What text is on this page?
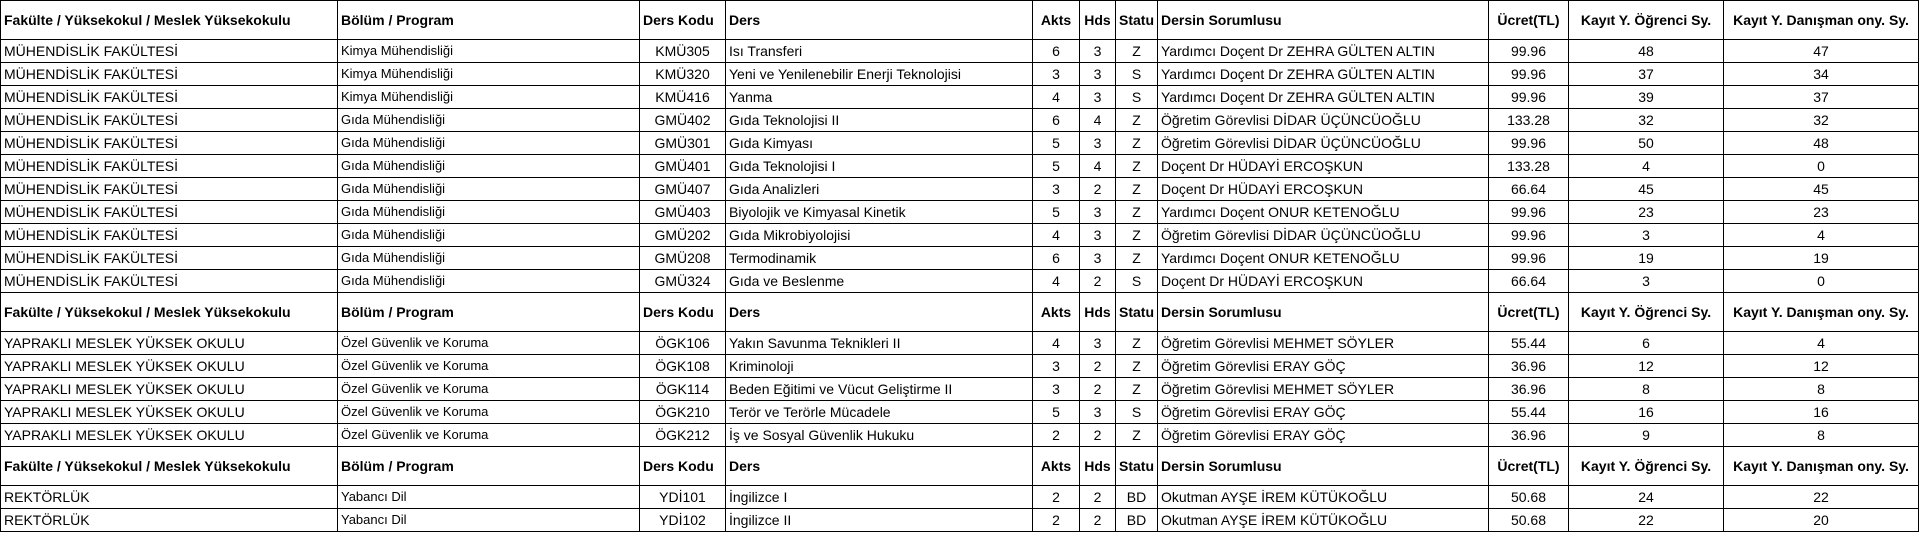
Fakülte / Yüksekokul / Meslek Yüksekokulu	Bölüm / Program	Ders Kodu	Ders	Akts	Hds	Statu	Dersin Sorumlusu	Ücret(TL)	Kayıt Y. Öğrenci Sy.	Kayıt Y. Danışman ony. Sy.
MÜHENDİSLİK FAKÜLTESİ	Kimya Mühendisliği	KMÜ305	Isı Transferi	6	3	Z	Yardımcı Doçent Dr ZEHRA GÜLTEN ALTIN	99.96	48	47
MÜHENDİSLİK FAKÜLTESİ	Kimya Mühendisliği	KMÜ320	Yeni ve Yenilenebilir Enerji Teknolojisi	3	3	S	Yardımcı Doçent Dr ZEHRA GÜLTEN ALTIN	99.96	37	34
MÜHENDİSLİK FAKÜLTESİ	Kimya Mühendisliği	KMÜ416	Yanma	4	3	S	Yardımcı Doçent Dr ZEHRA GÜLTEN ALTIN	99.96	39	37
MÜHENDİSLİK FAKÜLTESİ	Gıda Mühendisliği	GMÜ402	Gıda Teknolojisi II	6	4	Z	Öğretim Görevlisi DİDAR ÜÇÜNCÜOĞLU	133.28	32	32
MÜHENDİSLİK FAKÜLTESİ	Gıda Mühendisliği	GMÜ301	Gıda Kimyası	5	3	Z	Öğretim Görevlisi DİDAR ÜÇÜNCÜOĞLU	99.96	50	48
MÜHENDİSLİK FAKÜLTESİ	Gıda Mühendisliği	GMÜ401	Gıda Teknolojisi I	5	4	Z	Doçent Dr HÜDAYİ ERCOŞKUN	133.28	4	0
MÜHENDİSLİK FAKÜLTESİ	Gıda Mühendisliği	GMÜ407	Gıda Analizleri	3	2	Z	Doçent Dr HÜDAYİ ERCOŞKUN	66.64	45	45
MÜHENDİSLİK FAKÜLTESİ	Gıda Mühendisliği	GMÜ403	Biyolojik ve Kimyasal Kinetik	5	3	Z	Yardımcı Doçent ONUR KETENOĞLU	99.96	23	23
MÜHENDİSLİK FAKÜLTESİ	Gıda Mühendisliği	GMÜ202	Gıda Mikrobiyolojisi	4	3	Z	Öğretim Görevlisi DİDAR ÜÇÜNCÜOĞLU	99.96	3	4
MÜHENDİSLİK FAKÜLTESİ	Gıda Mühendisliği	GMÜ208	Termodinamik	6	3	Z	Yardımcı Doçent ONUR KETENOĞLU	99.96	19	19
MÜHENDİSLİK FAKÜLTESİ	Gıda Mühendisliği	GMÜ324	Gıda ve Beslenme	4	2	S	Doçent Dr HÜDAYİ ERCOŞKUN	66.64	3	0
Fakülte / Yüksekokul / Meslek Yüksekokulu	Bölüm / Program	Ders Kodu	Ders	Akts	Hds	Statu	Dersin Sorumlusu	Ücret(TL)	Kayıt Y. Öğrenci Sy.	Kayıt Y. Danışman ony. Sy.
YAPRAKLI MESLEK YÜKSEK OKULU	Özel Güvenlik ve Koruma	ÖGK106	Yakın Savunma Teknikleri II	4	3	Z	Öğretim Görevlisi MEHMET SÖYLER	55.44	6	4
YAPRAKLI MESLEK YÜKSEK OKULU	Özel Güvenlik ve Koruma	ÖGK108	Kriminoloji	3	2	Z	Öğretim Görevlisi ERAY GÖÇ	36.96	12	12
YAPRAKLI MESLEK YÜKSEK OKULU	Özel Güvenlik ve Koruma	ÖGK114	Beden Eğitimi ve Vücut Geliştirme II	3	2	Z	Öğretim Görevlisi MEHMET SÖYLER	36.96	8	8
YAPRAKLI MESLEK YÜKSEK OKULU	Özel Güvenlik ve Koruma	ÖGK210	Terör ve Terörle Mücadele	5	3	S	Öğretim Görevlisi ERAY GÖÇ	55.44	16	16
YAPRAKLI MESLEK YÜKSEK OKULU	Özel Güvenlik ve Koruma	ÖGK212	İş ve Sosyal Güvenlik Hukuku	2	2	Z	Öğretim Görevlisi ERAY GÖÇ	36.96	9	8
Fakülte / Yüksekokul / Meslek Yüksekokulu	Bölüm / Program	Ders Kodu	Ders	Akts	Hds	Statu	Dersin Sorumlusu	Ücret(TL)	Kayıt Y. Öğrenci Sy.	Kayıt Y. Danışman ony. Sy.
REKTÖRLÜK	Yabancı Dil	YDİ101	İngilizce I	2	2	BD	Okutman AYŞE İREM KÜTÜKOĞLU	50.68	24	22
REKTÖRLÜK	Yabancı Dil	YDİ102	İngilizce II	2	2	BD	Okutman AYŞE İREM KÜTÜKOĞLU	50.68	22	20
